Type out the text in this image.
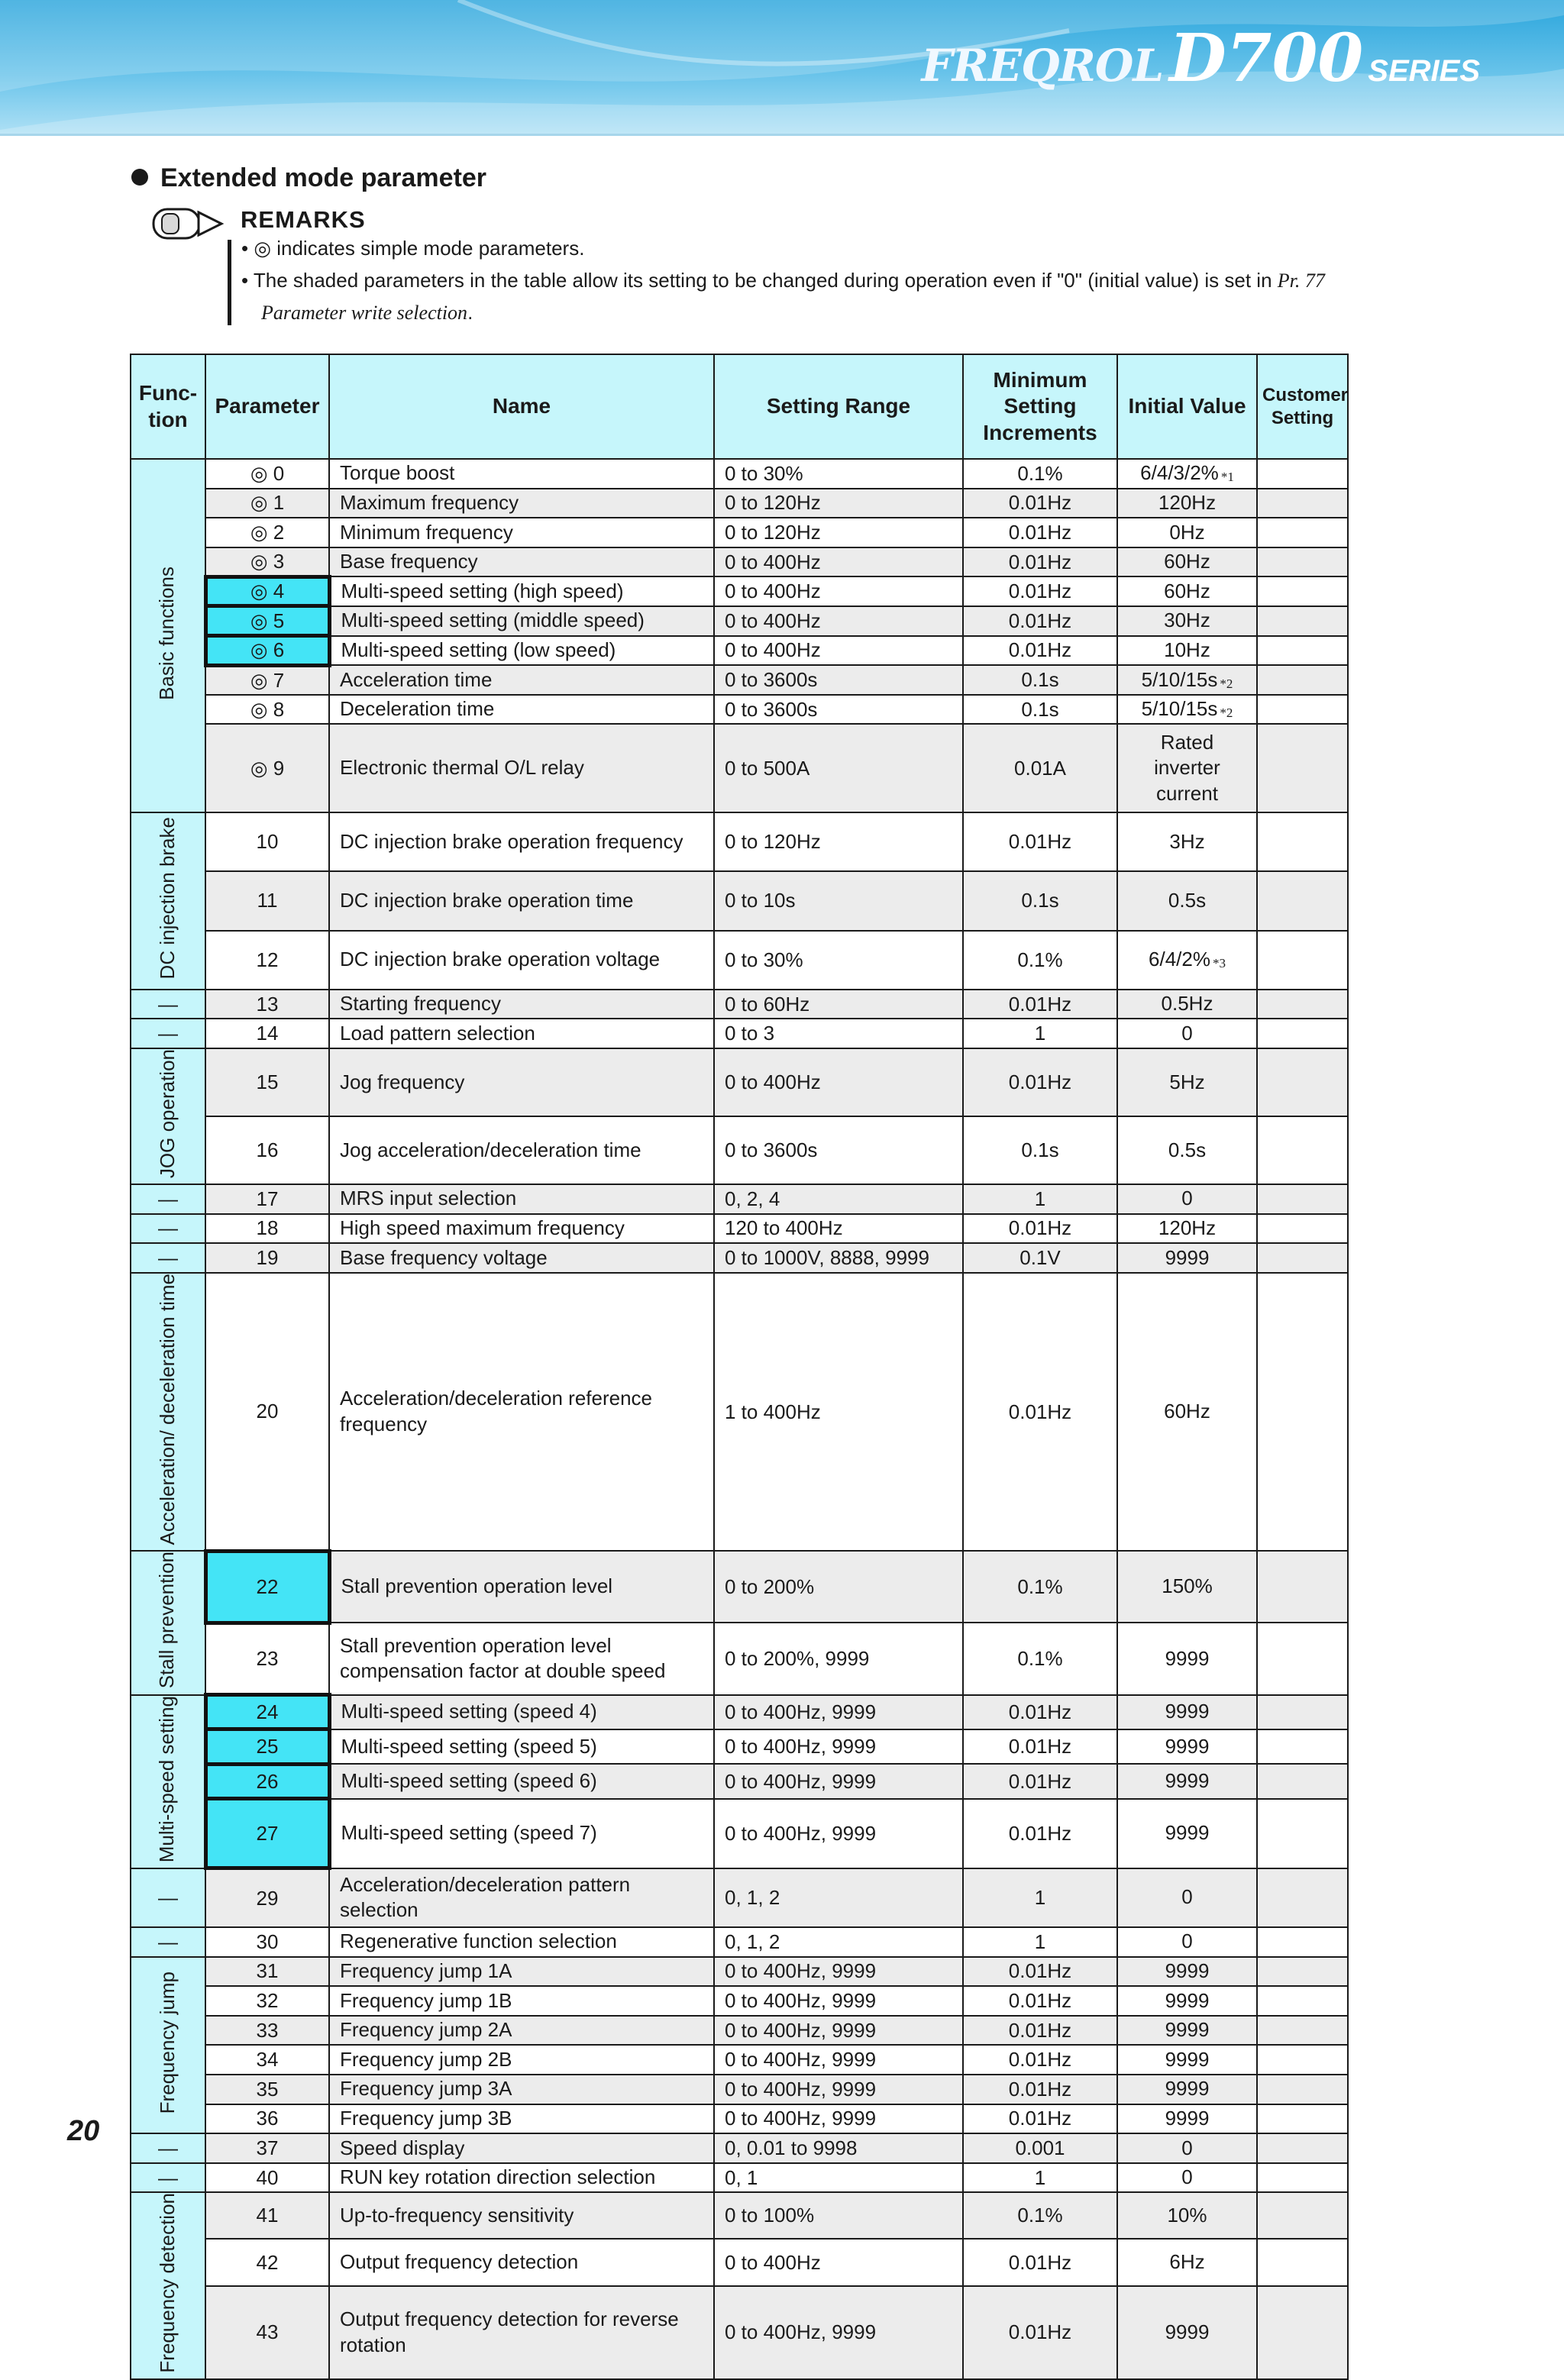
FREQROLD700 SERIES
Extended mode parameter
REMARKS
• ◎ indicates simple mode parameters.
• The shaded parameters in the table allow its setting to be changed during operation even if "0" (initial value) is set in Pr. 77
Parameter write selection.
Func- tion	Parameter	Name	Setting Range	Minimum Setting Increments	Initial Value	Customer Setting
Basic functions	◎ 0	Torque boost	0 to 30%	0.1%	6/4/3/2% *1	
	◎ 1	Maximum frequency	0 to 120Hz	0.01Hz	120Hz	
	◎ 2	Minimum frequency	0 to 120Hz	0.01Hz	0Hz	
	◎ 3	Base frequency	0 to 400Hz	0.01Hz	60Hz	
	◎ 4	Multi-speed setting (high speed)	0 to 400Hz	0.01Hz	60Hz	
	◎ 5	Multi-speed setting (middle speed)	0 to 400Hz	0.01Hz	30Hz	
	◎ 6	Multi-speed setting (low speed)	0 to 400Hz	0.01Hz	10Hz	
	◎ 7	Acceleration time	0 to 3600s	0.1s	5/10/15s *2	
	◎ 8	Deceleration time	0 to 3600s	0.1s	5/10/15s *2	
	◎ 9	Electronic thermal O/L relay	0 to 500A	0.01A	Rated inverter current	
DC injection brake	10	DC injection brake operation frequency	0 to 120Hz	0.01Hz	3Hz	
	11	DC injection brake operation time	0 to 10s	0.1s	0.5s	
	12	DC injection brake operation voltage	0 to 30%	0.1%	6/4/2% *3	
—	13	Starting frequency	0 to 60Hz	0.01Hz	0.5Hz	
—	14	Load pattern selection	0 to 3	1	0	
JOG operation	15	Jog frequency	0 to 400Hz	0.01Hz	5Hz	
	16	Jog acceleration/deceleration time	0 to 3600s	0.1s	0.5s	
—	17	MRS input selection	0, 2, 4	1	0	
—	18	High speed maximum frequency	120 to 400Hz	0.01Hz	120Hz	
—	19	Base frequency voltage	0 to 1000V, 8888, 9999	0.1V	9999	
Acceleration/ deceleration time	20	Acceleration/deceleration reference frequency	1 to 400Hz	0.01Hz	60Hz	
Stall prevention	22	Stall prevention operation level	0 to 200%	0.1%	150%	
	23	Stall prevention operation level compensation factor at double speed	0 to 200%, 9999	0.1%	9999	
Multi-speed setting	24	Multi-speed setting (speed 4)	0 to 400Hz, 9999	0.01Hz	9999	
	25	Multi-speed setting (speed 5)	0 to 400Hz, 9999	0.01Hz	9999	
	26	Multi-speed setting (speed 6)	0 to 400Hz, 9999	0.01Hz	9999	
	27	Multi-speed setting (speed 7)	0 to 400Hz, 9999	0.01Hz	9999	
—	29	Acceleration/deceleration pattern selection	0, 1, 2	1	0	
—	30	Regenerative function selection	0, 1, 2	1	0	
Frequency jump	31	Frequency jump 1A	0 to 400Hz, 9999	0.01Hz	9999	
	32	Frequency jump 1B	0 to 400Hz, 9999	0.01Hz	9999	
	33	Frequency jump 2A	0 to 400Hz, 9999	0.01Hz	9999	
	34	Frequency jump 2B	0 to 400Hz, 9999	0.01Hz	9999	
	35	Frequency jump 3A	0 to 400Hz, 9999	0.01Hz	9999	
	36	Frequency jump 3B	0 to 400Hz, 9999	0.01Hz	9999	
—	37	Speed display	0, 0.01 to 9998	0.001	0	
—	40	RUN key rotation direction selection	0, 1	1	0	
Frequency detection	41	Up-to-frequency sensitivity	0 to 100%	0.1%	10%	
	42	Output frequency detection	0 to 400Hz	0.01Hz	6Hz	
	43	Output frequency detection for reverse rotation	0 to 400Hz, 9999	0.01Hz	9999	
20
